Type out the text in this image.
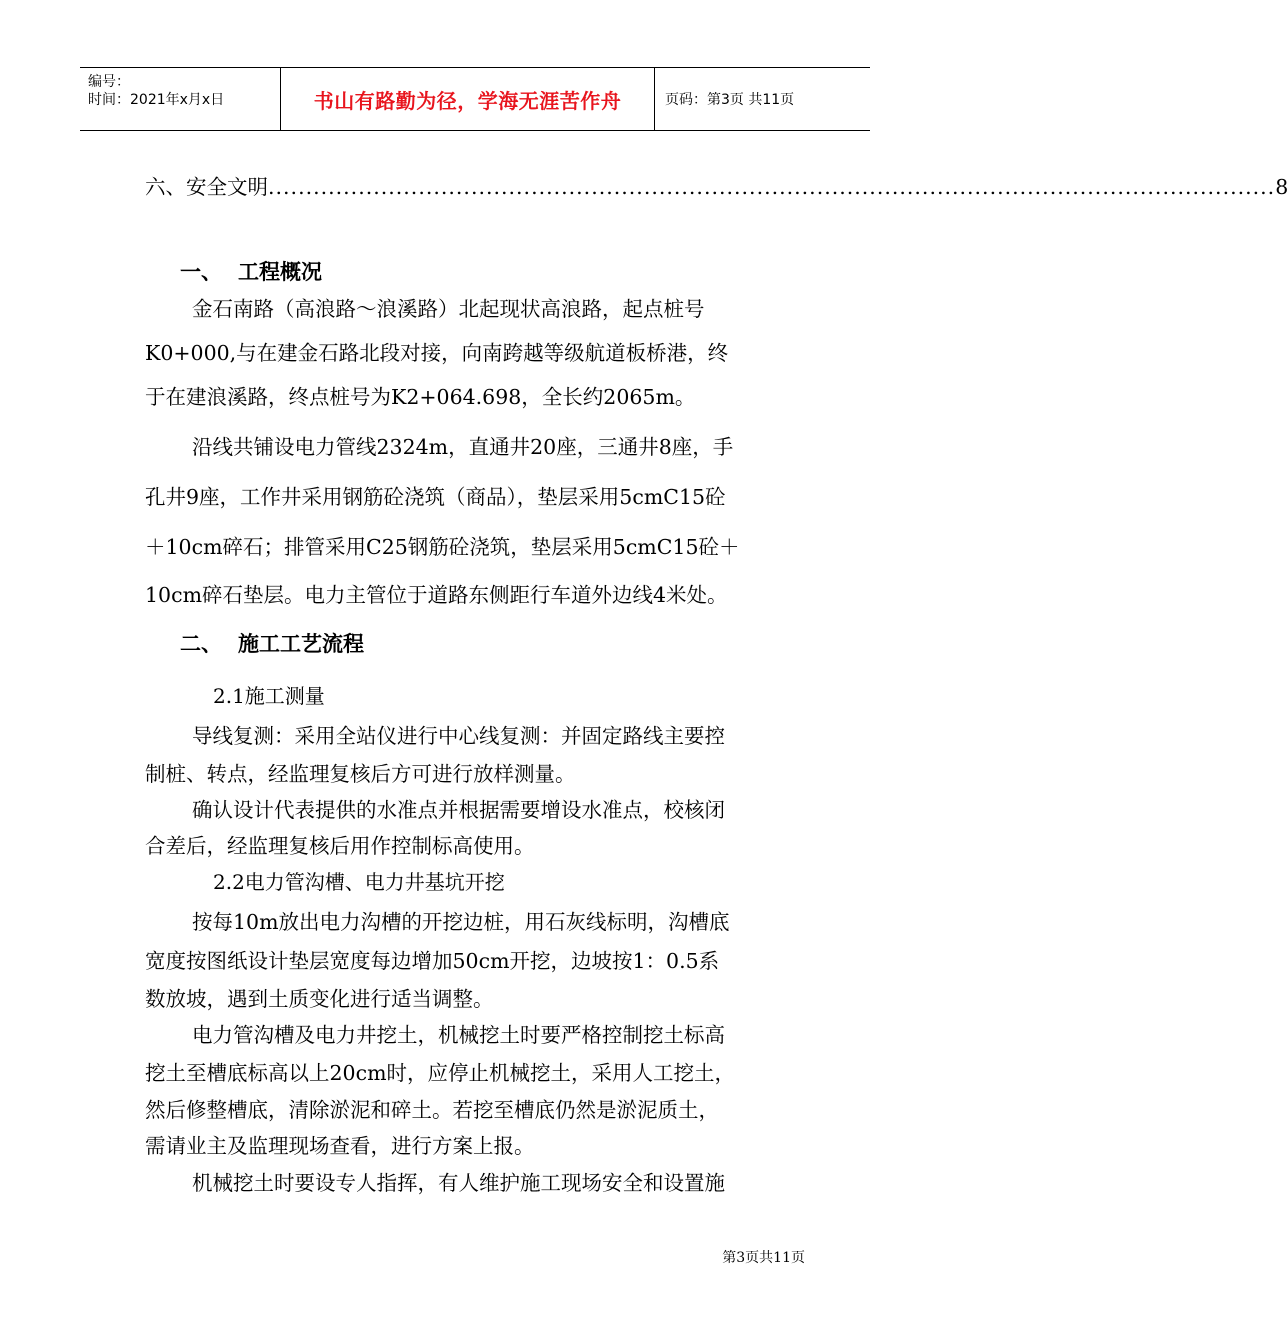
编号：
时间：2021年x月x日	书山有路勤为径，学海无涯苦作舟	页码：第3页 共11页
六、 安全文明 ...................................................................................................................................... 8
一、 工程概况
金石南路（高浪路～浪溪路）北起现状高浪路，起点桩号
K0+000,与在建金石路北段对接，向南跨越等级航道板桥港，终
于在建浪溪路，终点桩号为K2+064.698，全长约2065m。
沿线共铺设电力管线2324m，直通井20座，三通井8座，手
孔井9座，工作井采用钢筋砼浇筑（商品），垫层采用5cmC15砼
＋10cm碎石；排管采用C25钢筋砼浇筑，垫层采用5cmC15砼＋
10cm碎石垫层。电力主管位于道路东侧距行车道外边线4米处。
二、 施工工艺流程
2.1施工测量
导线复测：采用全站仪进行中心线复测：并固定路线主要控
制桩、转点，经监理复核后方可进行放样测量。
确认设计代表提供的水准点并根据需要增设水准点，校核闭
合差后，经监理复核后用作控制标高使用。
2.2电力管沟槽、电力井基坑开挖
按每10m放出电力沟槽的开挖边桩，用石灰线标明，沟槽底
宽度按图纸设计垫层宽度每边增加50cm开挖，边坡按1：0.5系
数放坡，遇到土质变化进行适当调整。
电力管沟槽及电力井挖土，机械挖土时要严格控制挖土标高
挖土至槽底标高以上20cm时，应停止机械挖土，采用人工挖土，
然后修整槽底，清除淤泥和碎土。若挖至槽底仍然是淤泥质土，
需请业主及监理现场查看，进行方案上报。
机械挖土时要设专人指挥，有人维护施工现场安全和设置施
第3页共11页
